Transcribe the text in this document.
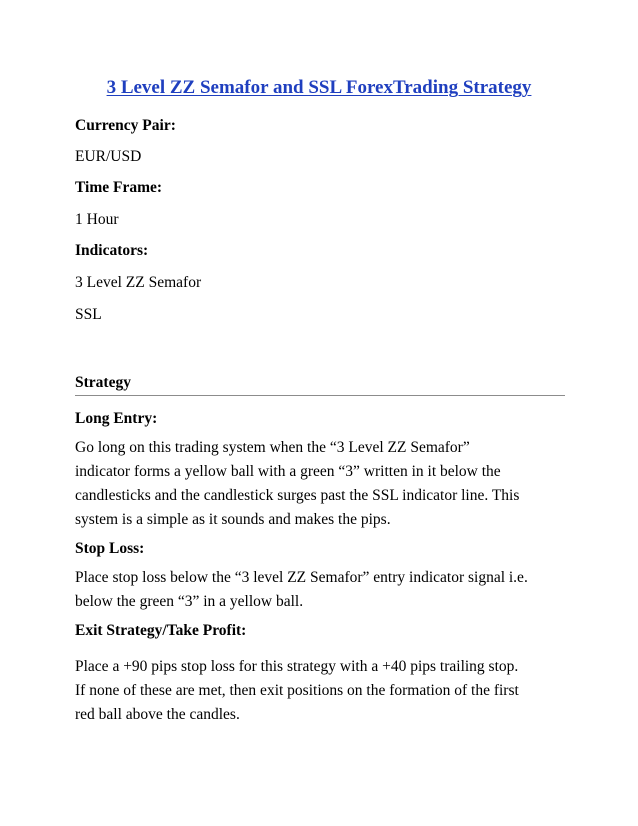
3 Level ZZ Semafor and SSL ForexTrading Strategy
Currency Pair:
EUR/USD
Time Frame:
1 Hour
Indicators:
3 Level ZZ Semafor
SSL
Strategy
Long Entry:
Go long on this trading system when the “3 Level ZZ Semafor”
indicator forms a yellow ball with a green “3” written in it below the
candlesticks and the candlestick surges past the SSL indicator line. This
system is a simple as it sounds and makes the pips.
Stop Loss:
Place stop loss below the “3 level ZZ Semafor” entry indicator signal i.e.
below the green “3” in a yellow ball.
Exit Strategy/Take Profit:
Place a +90 pips stop loss for this strategy with a +40 pips trailing stop.
If none of these are met, then exit positions on the formation of the first
red ball above the candles.
